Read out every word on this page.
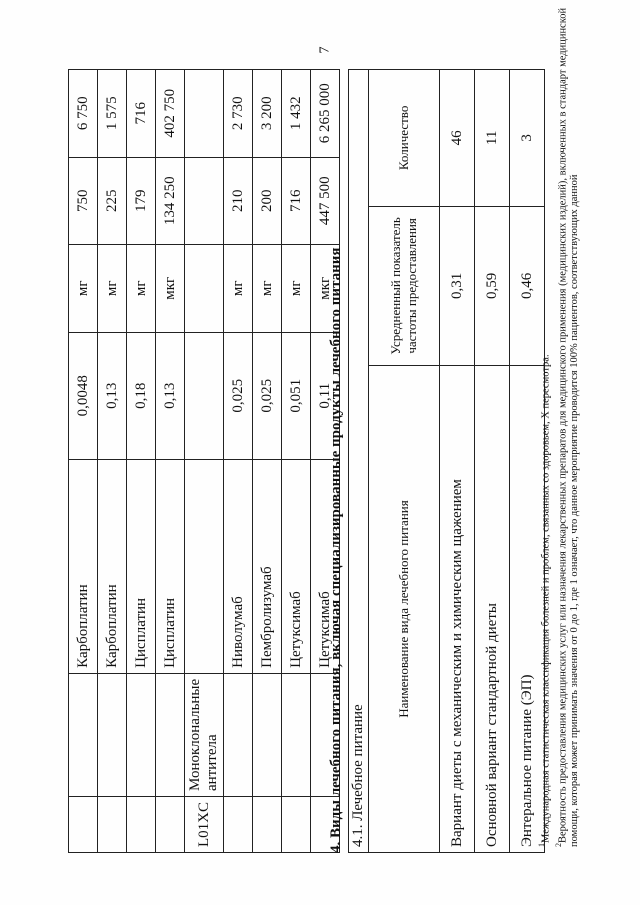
7
		Карбоплатин	0,0048	мг	750	6 750
		Карбоплатин	0,13	мг	225	1 575
		Цисплатин	0,18	мг	179	716
		Цисплатин	0,13	мкг	134 250	402 750
L01XC	Моноклональные антитела					
		Ниволумаб	0,025	мг	210	2 730
		Пембролизумаб	0,025	мг	200	3 200
		Цетуксимаб	0,051	мг	716	1 432
		Цетуксимаб	0,11	мкг	447 500	6 265 000
4. Виды лечебного питания, включая специализированные продукты лечебного питания 4.1. Лечебное питание
Наименование вида лечебного питания	Усредненный показатель частоты предоставления	Количество
Вариант диеты с механическим и химическим щажением	0,31	46
Основной вариант стандартной диеты	0,59	11
Энтеральное питание (ЭП)	0,46	3

$^1$Международная статистическая классификация болезней и проблем, связанных со здоровьем, X пересмотра.

$^2$Вероятность предоставления медицинских услуг или назначения лекарственных препаратов для медицинского применения (медицинских изделий), включенных в стандарт медицинской помощи, которая может принимать значения от 0 до 1, где 1 означает, что данное мероприятие проводится 100% пациентов, соответствующих данной
